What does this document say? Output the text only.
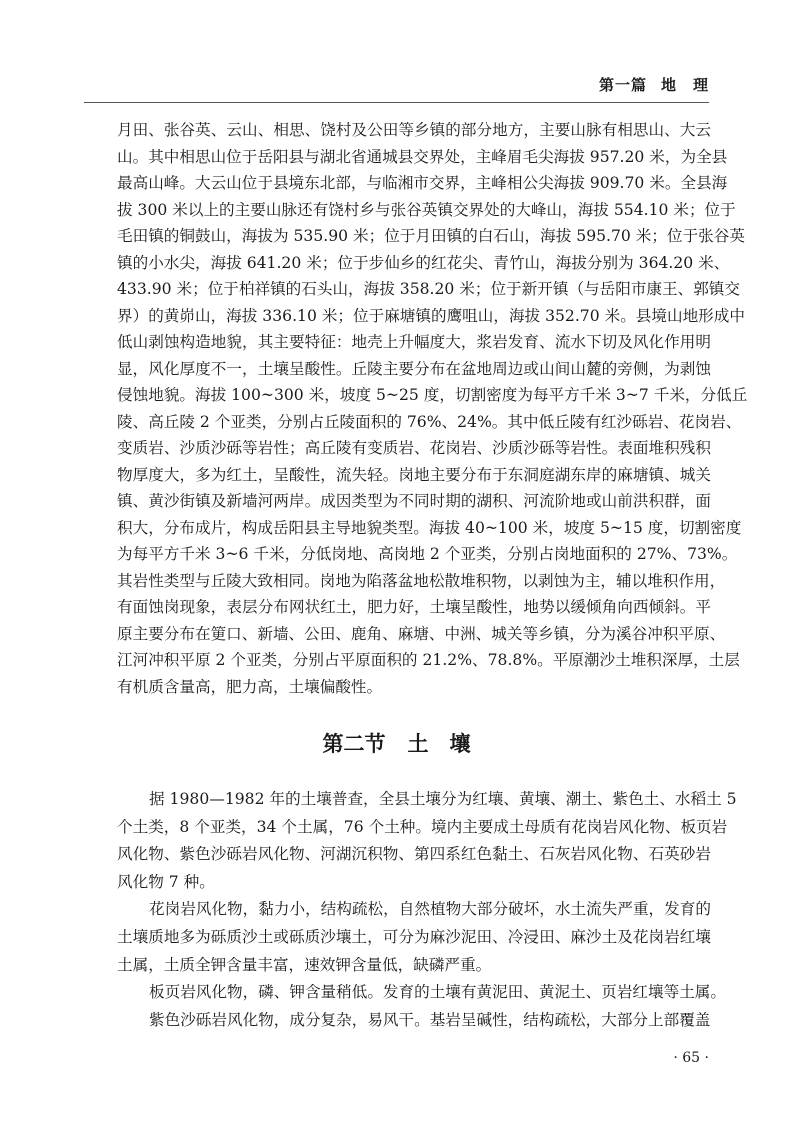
第一篇 地　理
月田、张谷英、云山、相思、饶村及公田等乡镇的部分地方，主要山脉有相思山、大云
山。其中相思山位于岳阳县与湖北省通城县交界处，主峰眉毛尖海拔 957.20 米，为全县
最高山峰。大云山位于县境东北部，与临湘市交界，主峰相公尖海拔 909.70 米。全县海
拔 300 米以上的主要山脉还有饶村乡与张谷英镇交界处的大峰山，海拔 554.10 米；位于
毛田镇的铜鼓山，海拔为 535.90 米；位于月田镇的白石山，海拔 595.70 米；位于张谷英
镇的小水尖，海拔 641.20 米；位于步仙乡的红花尖、青竹山，海拔分别为 364.20 米、
433.90 米；位于柏祥镇的石头山，海拔 358.20 米；位于新开镇（与岳阳市康王、郭镇交
界）的黄峁山，海拔 336.10 米；位于麻塘镇的鹰咀山，海拔 352.70 米。县境山地形成中
低山剥蚀构造地貌，其主要特征：地壳上升幅度大，浆岩发育、流水下切及风化作用明
显，风化厚度不一，土壤呈酸性。丘陵主要分布在盆地周边或山间山麓的旁侧，为剥蚀
侵蚀地貌。海拔 100~300 米，坡度 5~25 度，切割密度为每平方千米 3~7 千米，分低丘
陵、高丘陵 2 个亚类，分别占丘陵面积的 76%、24%。其中低丘陵有红沙砾岩、花岗岩、
变质岩、沙质沙砾等岩性；高丘陵有变质岩、花岗岩、沙质沙砾等岩性。表面堆积残积
物厚度大，多为红土，呈酸性，流失轻。岗地主要分布于东洞庭湖东岸的麻塘镇、城关
镇、黄沙街镇及新墙河两岸。成因类型为不同时期的湖积、河流阶地或山前洪积群，面
积大，分布成片，构成岳阳县主导地貌类型。海拔 40~100 米，坡度 5~15 度，切割密度
为每平方千米 3~6 千米，分低岗地、高岗地 2 个亚类，分别占岗地面积的 27%、73%。
其岩性类型与丘陵大致相同。岗地为陷落盆地松散堆积物，以剥蚀为主，辅以堆积作用，
有面蚀岗现象，表层分布网状红土，肥力好，土壤呈酸性，地势以缓倾角向西倾斜。平
原主要分布在筻口、新墙、公田、鹿角、麻塘、中洲、城关等乡镇，分为溪谷冲积平原、
江河冲积平原 2 个亚类，分别占平原面积的 21.2%、78.8%。平原潮沙土堆积深厚，土层
有机质含量高，肥力高，土壤偏酸性。
第二节 土　壤
据 1980—1982 年的土壤普查，全县土壤分为红壤、黄壤、潮土、紫色土、水稻土 5
个土类，8 个亚类，34 个土属，76 个土种。境内主要成土母质有花岗岩风化物、板页岩
风化物、紫色沙砾岩风化物、河湖沉积物、第四系红色黏土、石灰岩风化物、石英砂岩
风化物 7 种。
花岗岩风化物，黏力小，结构疏松，自然植物大部分破坏，水土流失严重，发育的
土壤质地多为砾质沙土或砾质沙壤土，可分为麻沙泥田、冷浸田、麻沙土及花岗岩红壤
土属，土质全钾含量丰富，速效钾含量低，缺磷严重。
板页岩风化物，磷、钾含量稍低。发育的土壤有黄泥田、黄泥土、页岩红壤等土属。
紫色沙砾岩风化物，成分复杂，易风干。基岩呈碱性，结构疏松，大部分上部覆盖
· 65 ·
